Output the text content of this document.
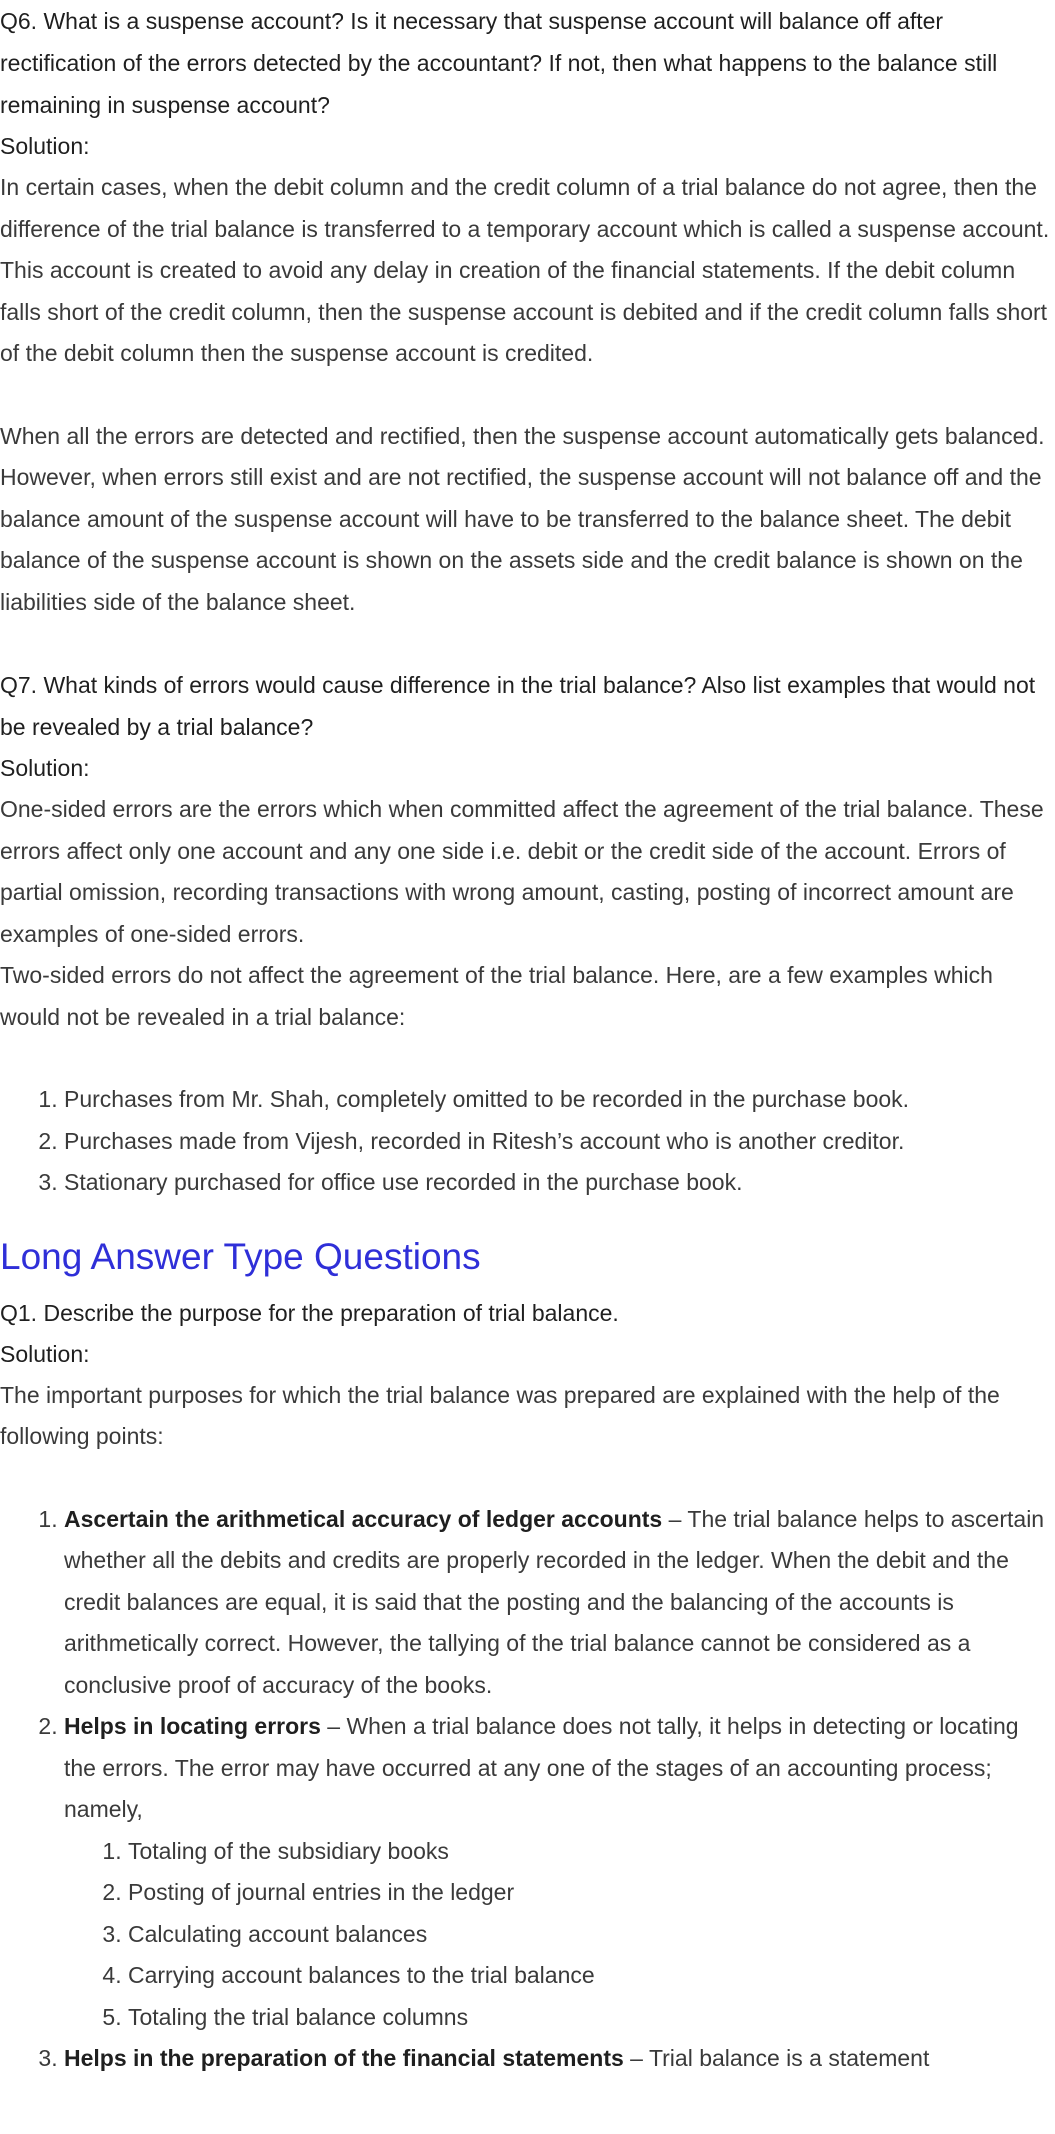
Q6. What is a suspense account? Is it necessary that suspense account will balance off after rectification of the errors detected by the accountant? If not, then what happens to the balance still remaining in suspense account?

Solution:

In certain cases, when the debit column and the credit column of a trial balance do not agree, then the difference of the trial balance is transferred to a temporary account which is called a suspense account. This account is created to avoid any delay in creation of the financial statements. If the debit column falls short of the credit column, then the suspense account is debited and if the credit column falls short of the debit column then the suspense account is credited.

When all the errors are detected and rectified, then the suspense account automatically gets balanced. However, when errors still exist and are not rectified, the suspense account will not balance off and the balance amount of the suspense account will have to be transferred to the balance sheet. The debit balance of the suspense account is shown on the assets side and the credit balance is shown on the liabilities side of the balance sheet.

Q7. What kinds of errors would cause difference in the trial balance? Also list examples that would not be revealed by a trial balance?

Solution:

One-sided errors are the errors which when committed affect the agreement of the trial balance. These errors affect only one account and any one side i.e. debit or the credit side of the account. Errors of partial omission, recording transactions with wrong amount, casting, posting of incorrect amount are examples of one-sided errors.

Two-sided errors do not affect the agreement of the trial balance. Here, are a few examples which would not be revealed in a trial balance:

1. Purchases from Mr. Shah, completely omitted to be recorded in the purchase book.
2. Purchases made from Vijesh, recorded in Ritesh’s account who is another creditor.
3. Stationary purchased for office use recorded in the purchase book.
Long Answer Type Questions

Q1. Describe the purpose for the preparation of trial balance.

Solution:

The important purposes for which the trial balance was prepared are explained with the help of the following points:

1. Ascertain the arithmetical accuracy of ledger accounts – The trial balance helps to ascertain whether all the debits and credits are properly recorded in the ledger. When the debit and the credit balances are equal, it is said that the posting and the balancing of the accounts is arithmetically correct. However, the tallying of the trial balance cannot be considered as a conclusive proof of accuracy of the books.
2. Helps in locating errors – When a trial balance does not tally, it helps in detecting or locating the errors. The error may have occurred at any one of the stages of an accounting process; namely,
1. Totaling of the subsidiary books
2. Posting of journal entries in the ledger
3. Calculating account balances
4. Carrying account balances to the trial balance
5. Totaling the trial balance columns
3. Helps in the preparation of the financial statements – Trial balance is a statement
